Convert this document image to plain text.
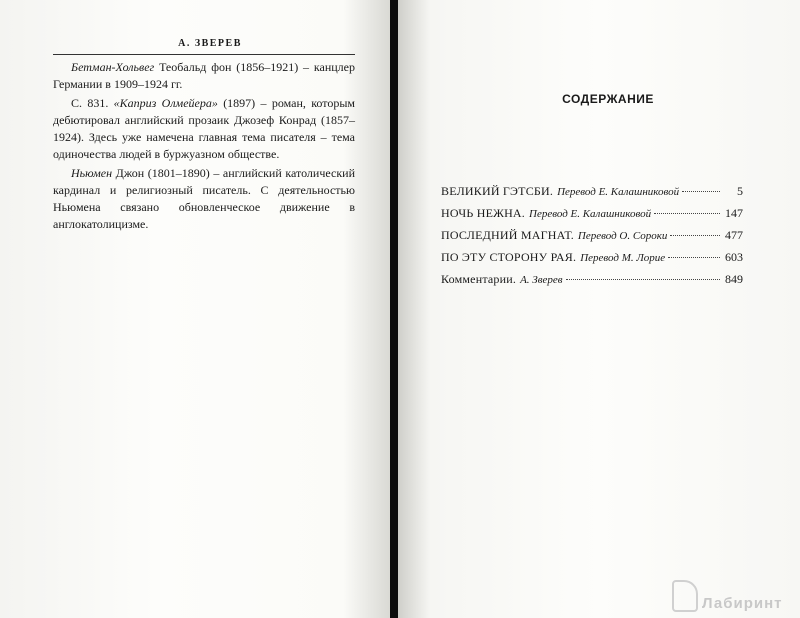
А. ЗВЕРЕВ

Бетман-Хольвег Теобальд фон (1856–1921) – канцлер Германии в 1909–1924 гг.

С. 831. «Каприз Олмейера» (1897) – роман, которым дебютировал английский прозаик Джозеф Конрад (1857–1924). Здесь уже намечена главная тема писателя – тема одиночества людей в буржуазном обществе.

Ньюмен Джон (1801–1890) – английский католический кардинал и религиозный писатель. С деятельностью Ньюмена связано обновленческое движение в англокатолицизме.

СОДЕРЖАНИЕ
ВЕЛИКИЙ ГЭТСБИ. Перевод Е. Калашниковой	5
НОЧЬ НЕЖНА. Перевод Е. Калашниковой	147
ПОСЛЕДНИЙ МАГНАТ. Перевод О. Сороки	477
ПО ЭТУ СТОРОНУ РАЯ. Перевод М. Лорие	603
Комментарии. А. Зверев	849
Лабиринт
